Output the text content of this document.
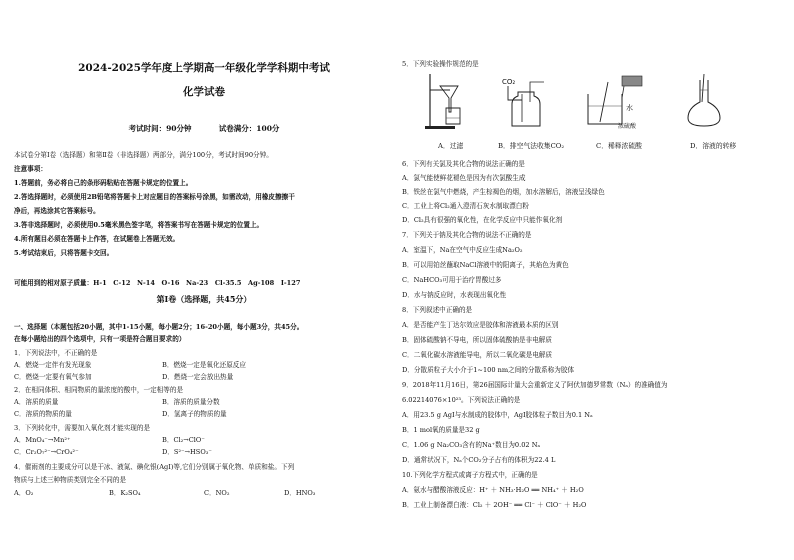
2024-2025学年度上学期高一年级化学学科期中考试
化学试卷
考试时间：90分钟	试卷满分：100分
本试卷分第Ⅰ卷（选择题）和第Ⅱ卷（非选择题）两部分，满分100分，考试时间90分钟。
注意事项：
1.答题前，务必将自己的条形码粘贴在答题卡规定的位置上。
2.答选择题时，必须使用2B铅笔将答题卡上对应题目的答案标号涂黑，如需改动，用橡皮擦擦干
净后，再选涂其它答案标号。
3.答非选择题时，必须使用0.5毫米黑色签字笔，将答案书写在答题卡规定的位置上。
4.所有题目必须在答题卡上作答，在试题卷上答题无效。
5.考试结束后，只将答题卡交回。
可能用到的相对原子质量：H-1　C-12　N-14　O-16　Na-23　Cl-35.5　Ag-108　I-127
第Ⅰ卷（选择题，共45分）
一、选择题（本题包括20小题，其中1-15小题，每小题2分；16-20小题，每小题3分，共45分。
在每小题给出的四个选项中，只有一项是符合题目要求的）
1．下列说法中，不正确的是
A．燃烧一定伴有发光现象	B．燃烧一定是氧化还原反应
C．燃烧一定要有氧气参加	D．燃烧一定会放出热量
2．在相同体积、相同物质的量浓度的酸中，一定相等的是
A．溶质的质量	B．溶质的质量分数
C．溶质的物质的量	D．氢离子的物质的量
3．下列转化中，需要加入氧化剂才能实现的是
A．MnO₄⁻→Mn²⁺	B．Cl₂→ClO⁻
C．Cr₂O₇²⁻→CrO₄²⁻	D．S²⁻→HSO₃⁻
4．催雨剂的主要成分可以是干冰、液氮、碘化银(AgI)等,它们分别属于氧化物、单质和盐。下列
物质与上述三种物质类别完全不同的是
A．O₂	B．K₂SO₄	C．NO₂	D．HNO₃
5．下列实验操作规范的是
CO₂
水
浓硫酸
A．过滤	B．排空气法收集CO₂	C．稀释浓硫酸	D．溶液的转移
6．下列有关氯及其化合物的说法正确的是
A．氯气能使鲜花褪色是因为有次氯酸生成
B．铁丝在氯气中燃烧，产生棕褐色的烟，加水溶解后，溶液呈浅绿色
C．工业上将Cl₂通入澄清石灰水制取漂白粉
D．Cl₂具有很强的氧化性，在化学反应中只能作氧化剂
7．下列关于钠及其化合物的说法不正确的是
A．室温下，Na在空气中反应生成Na₂O₂
B．可以用铂丝蘸取NaCl溶液中的阳离子，其焰色为黄色
C．NaHCO₃可用于治疗胃酸过多
D．水与钠反应时，水表现出氧化性
8．下列叙述中正确的是
A．是否能产生丁达尔效应是胶体和溶液最本质的区别
B．固体硫酸钠不导电，所以固体硫酸钠是非电解质
C．二氧化碳水溶液能导电，所以二氧化碳是电解质
D．分散质粒子大小介于1~100 nm之间的分散系称为胶体
9．2018年11月16日，第26届国际计量大会重新定义了阿伏加德罗常数（Nₐ）的准确值为
6.02214076×10²³。下列说法正确的是
A．用23.5 g AgI与水制成的胶体中，AgI胶体粒子数目为0.1 Nₐ
B．1 mol氧的质量是32 g
C．1.06 g Na₂CO₃含有的Na⁺数目为0.02 Nₐ
D．通常状况下，Nₐ个CO₂分子占有的体积为22.4 L
10.下列化学方程式或离子方程式中，正确的是
A．氨水与醋酸溶液反应：H⁺ ＋ NH₃·H₂O ══ NH₄⁺ ＋ H₂O
B．工业上制备漂白液：Cl₂ ＋ 2OH⁻ ══ Cl⁻ ＋ ClO⁻ ＋ H₂O
